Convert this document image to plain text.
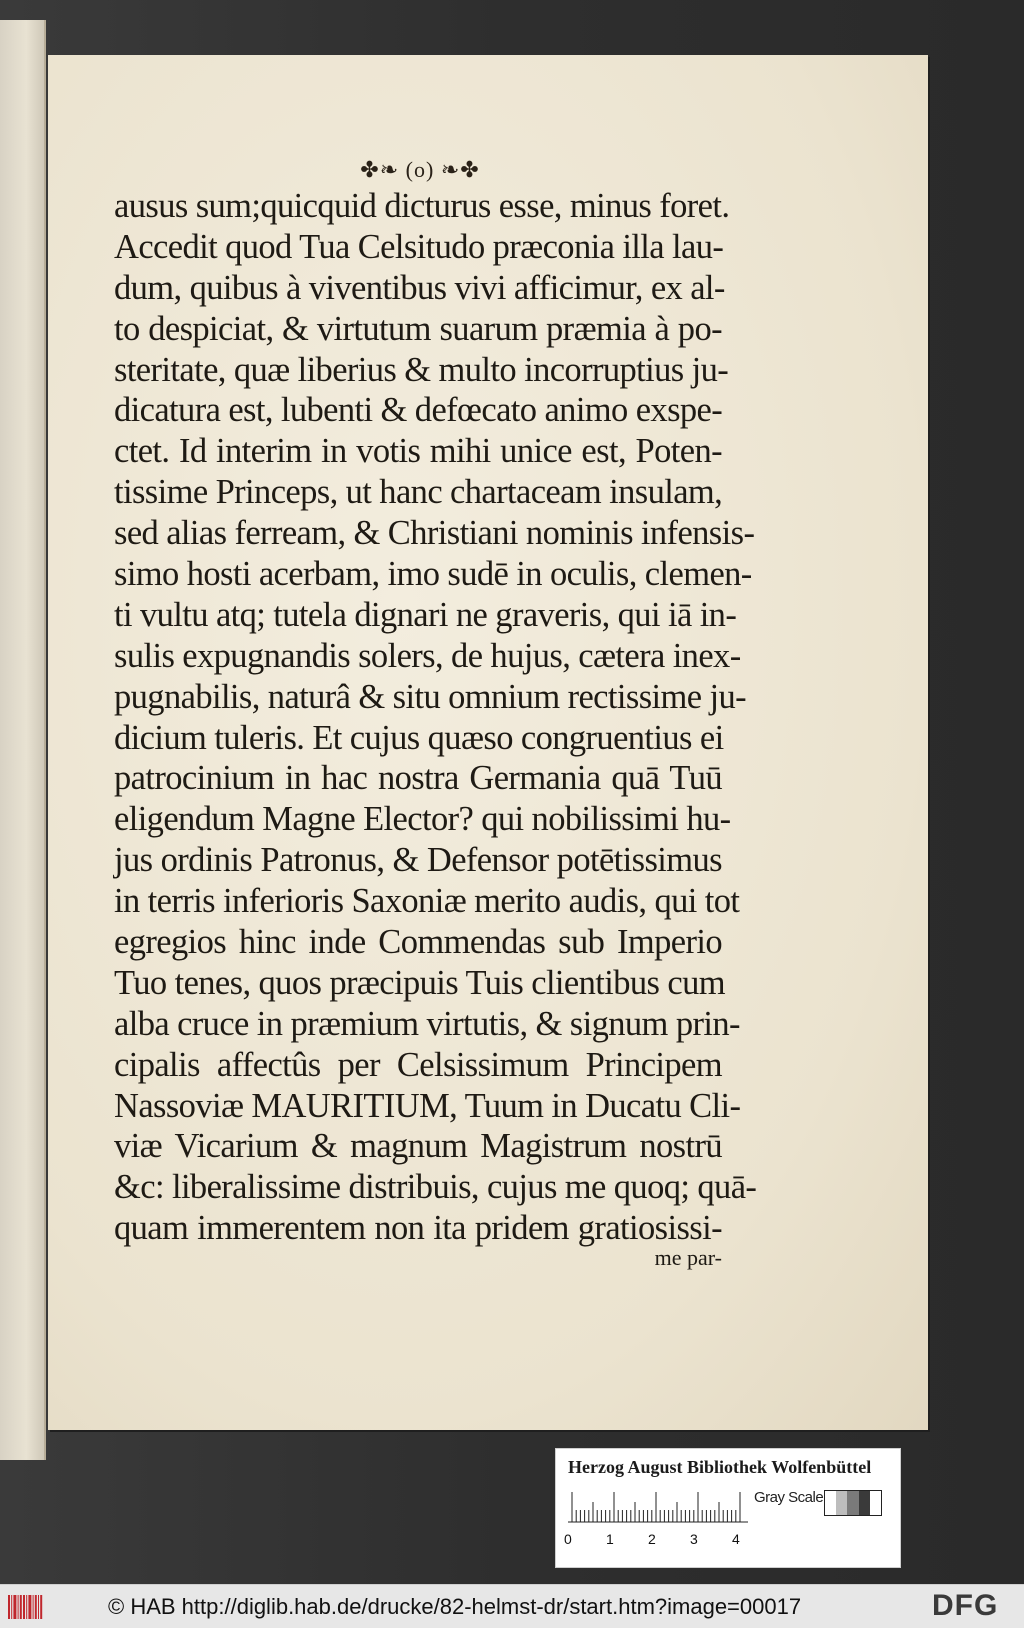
✤❧ (o) ❧✤
ausus sum;quicquid dicturus esse, minus foret.
Accedit quod Tua Celsitudo præconia illa lau-
dum, quibus à viventibus vivi afficimur, ex al-
to despiciat, & virtutum suarum præmia à po-
steritate, quæ liberius & multo incorruptius ju-
dicatura est, lubenti & defœcato animo exspe-
ctet. Id interim in votis mihi unice est, Poten-
tissime Princeps, ut hanc chartaceam insulam,
sed alias ferream, & Christiani nominis infensis-
simo hosti acerbam, imo sudē in oculis, clemen-
ti vultu atq; tutela dignari ne graveris, qui iā in-
sulis expugnandis solers, de hujus, cætera inex-
pugnabilis, naturâ & situ omnium rectissime ju-
dicium tuleris. Et cujus quæso congruentius ei
patrocinium in hac nostra Germania quā Tuū
eligendum Magne Elector? qui nobilissimi hu-
jus ordinis Patronus, & Defensor potētissimus
in terris inferioris Saxoniæ merito audis, qui tot
egregios hinc inde Commendas sub Imperio
Tuo tenes, quos præcipuis Tuis clientibus cum
alba cruce in præmium virtutis, & signum prin-
cipalis affectûs per Celsissimum Principem
Nassoviæ MAURITIUM, Tuum in Ducatu Cli-
viæ Vicarium & magnum Magistrum nostrū
&c: liberalissime distribuis, cujus me quoq; quā-
quam immerentem non ita pridem gratiosissi-
me par-
Herzog August Bibliothek Wolfenbüttel
0 1 2 3 4
Gray Scale
© HAB http://diglib.hab.de/drucke/82-helmst-dr/start.htm?image=00017	DFG
